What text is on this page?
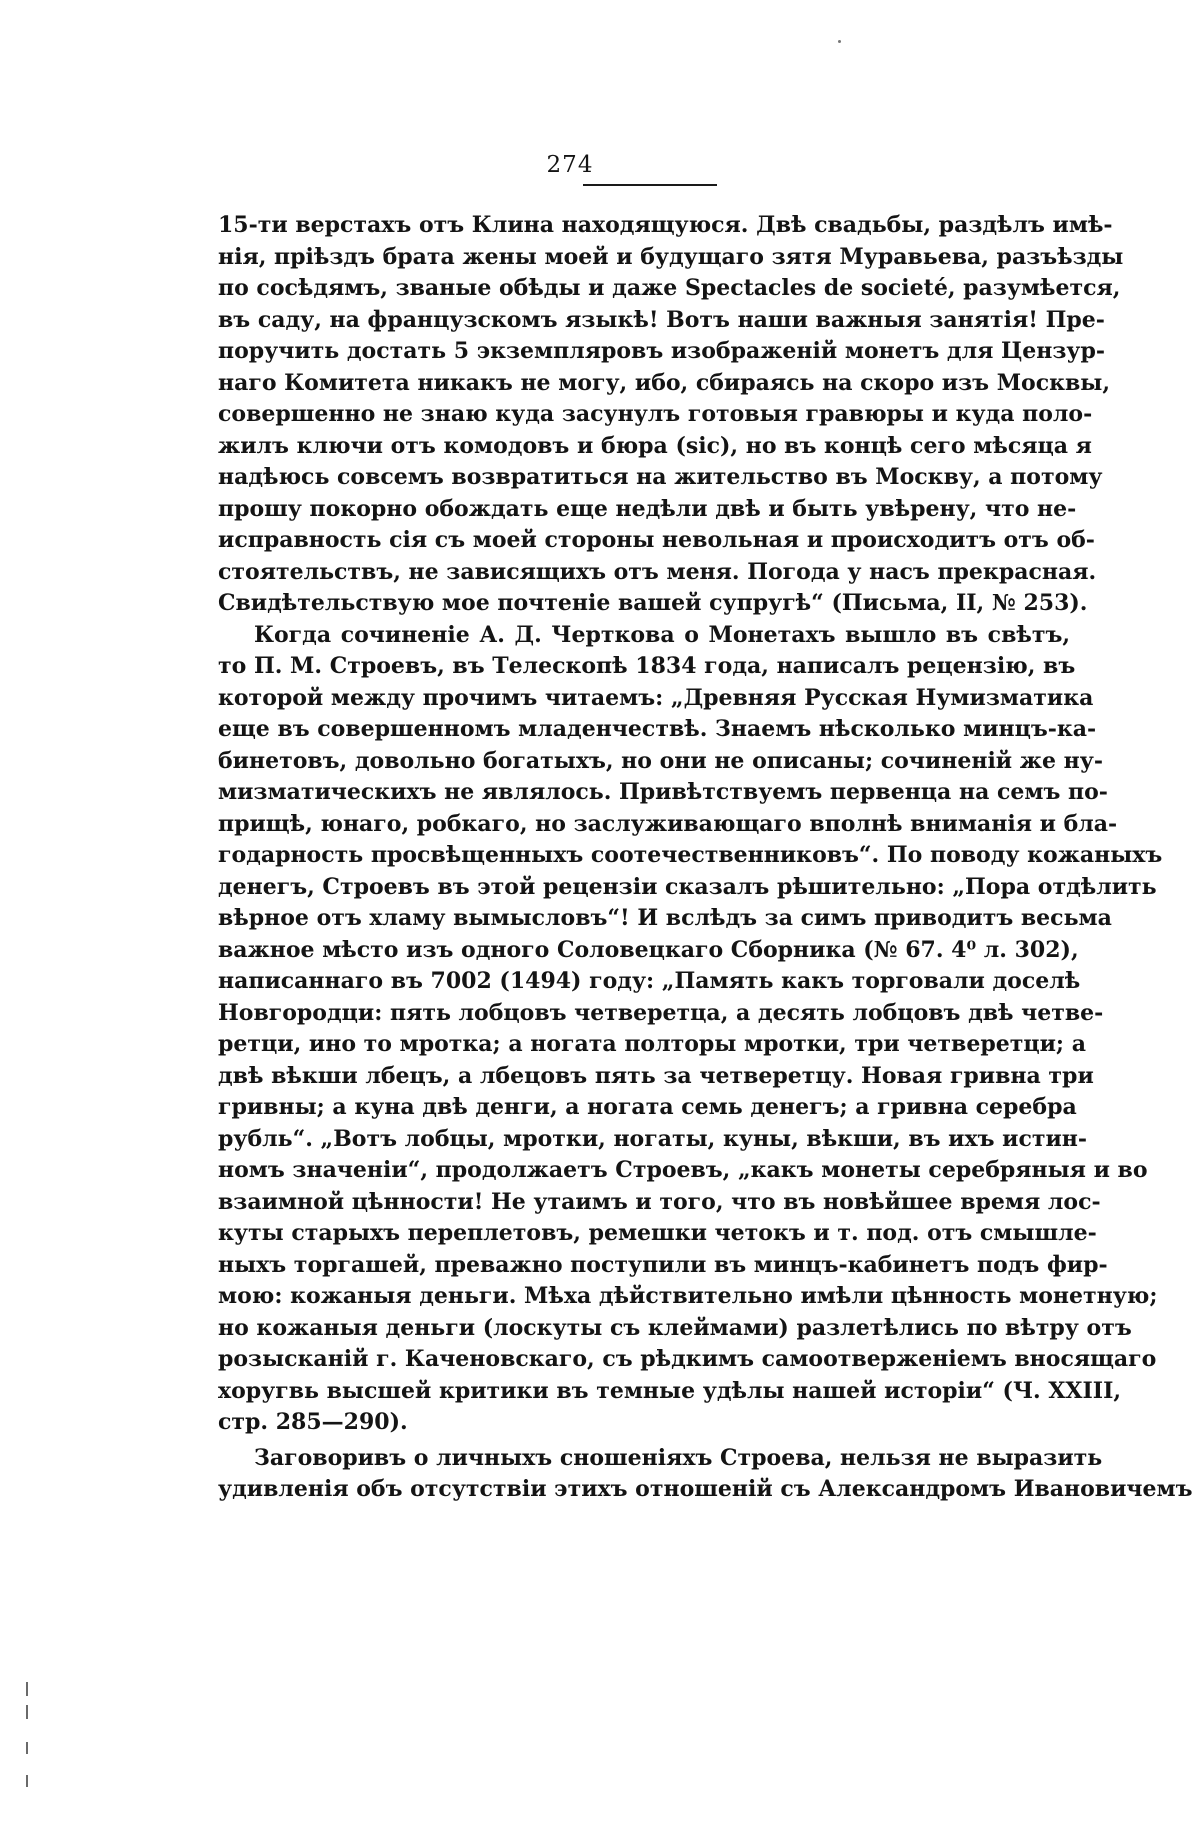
274
15-ти верстахъ отъ Клина находящуюся. Двѣ свадьбы, раздѣлъ имѣ-
нія, пріѣздъ брата жены моей и будущаго зятя Муравьева, разъѣзды
по сосѣдямъ, званые обѣды и даже Spectacles de societé, разумѣется,
въ саду, на французскомъ языкѣ! Вотъ наши важныя занятія! Пре-
поручить достать 5 экземпляровъ изображеній монетъ для Цензур-
наго Комитета никакъ не могу, ибо, сбираясь на скоро изъ Москвы,
совершенно не знаю куда засунулъ готовыя гравюры и куда поло-
жилъ ключи отъ комодовъ и бюра (sic), но въ концѣ сего мѣсяца я
надѣюсь совсемъ возвратиться на жительство въ Москву, а потому
прошу покорно обождать еще недѣли двѣ и быть увѣрену, что не-
исправность сія съ моей стороны невольная и происходитъ отъ об-
стоятельствъ, не зависящихъ отъ меня. Погода у насъ прекрасная.
Свидѣтельствую мое почтеніе вашей супругѣ“ (Письма, II, № 253).
Когда сочиненіе А. Д. Черткова о Монетахъ вышло въ свѣтъ,
то П. М. Строевъ, въ Телескопѣ 1834 года, написалъ рецензію, въ
которой между прочимъ читаемъ: „Древняя Русская Нумизматика
еще въ совершенномъ младенчествѣ. Знаемъ нѣсколько минцъ-ка-
бинетовъ, довольно богатыхъ, но они не описаны; сочиненій же ну-
мизматическихъ не являлось. Привѣтствуемъ первенца на семъ по-
прищѣ, юнаго, робкаго, но заслуживающаго вполнѣ вниманія и бла-
годарность просвѣщенныхъ соотечественниковъ“. По поводу кожаныхъ
денегъ, Строевъ въ этой рецензіи сказалъ рѣшительно: „Пора отдѣлить
вѣрное отъ хламу вымысловъ“! И вслѣдъ за симъ приводитъ весьма
важное мѣсто изъ одного Соловецкаго Сборника (№ 67. 4⁰ л. 302),
написаннаго въ 7002 (1494) году: „Память какъ торговали доселѣ
Новгородци: пять лобцовъ четверетца, а десять лобцовъ двѣ четве-
ретци, ино то мротка; а ногата полторы мротки, три четверетци; а
двѣ вѣкши лбецъ, а лбецовъ пять за четверетцу. Новая гривна три
гривны; а куна двѣ денги, а ногата семь денегъ; а гривна серебра
рубль“. „Вотъ лобцы, мротки, ногаты, куны, вѣкши, въ ихъ истин-
номъ значеніи“, продолжаетъ Строевъ, „какъ монеты серебряныя и во
взаимной цѣнности! Не утаимъ и того, что въ новѣйшее время лос-
куты старыхъ переплетовъ, ремешки четокъ и т. под. отъ смышле-
ныхъ торгашей, преважно поступили въ минцъ-кабинетъ подъ фир-
мою: кожаныя деньги. Мѣха дѣйствительно имѣли цѣнность монетную;
но кожаныя деньги (лоскуты съ клеймами) разлетѣлись по вѣтру отъ
розысканій г. Каченовскаго, съ рѣдкимъ самоотверженіемъ вносящаго
хоругвь высшей критики въ темные удѣлы нашей исторіи“ (Ч. XXIII,
стр. 285—290).
Заговоривъ о личныхъ сношеніяхъ Строева, нельзя не выразить
удивленія объ отсутствіи этихъ отношеній съ Александромъ Ивановичемъ
